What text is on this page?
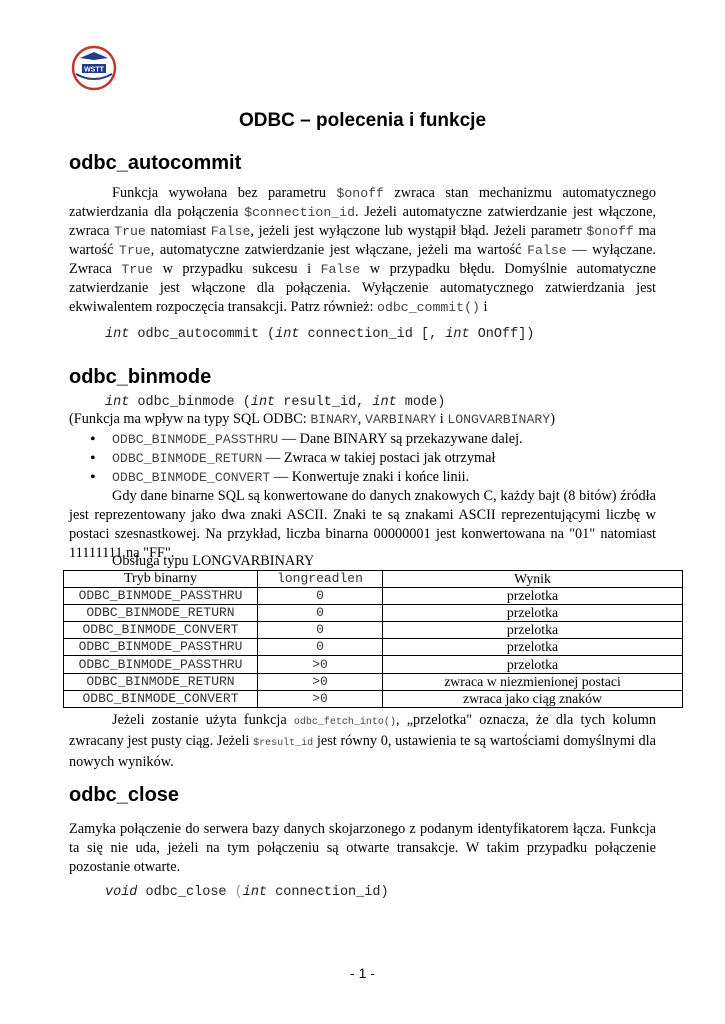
WSTT
est. 1999
ODBC – polecenia i funkcje
odbc_autocommit
Funkcja wywołana bez parametru $onoff zwraca stan mechanizmu automatycznego zatwierdzania dla połączenia $connection_id. Jeżeli automatyczne zatwierdzanie jest włączone, zwraca True natomiast False, jeżeli jest wyłączone lub wystąpił błąd. Jeżeli parametr $onoff ma wartość True, automatyczne zatwierdzanie jest włączane, jeżeli ma wartość False — wyłączane. Zwraca True w przypadku sukcesu i False w przypadku błędu. Domyślnie automatyczne zatwierdzanie jest włączone dla połączenia. Wyłączenie automatycznego zatwierdzania jest ekwiwalentem rozpoczęcia transakcji. Patrz również: odbc_commit() i
int odbc_autocommit (int connection_id [, int OnOff])
odbc_binmode
int odbc_binmode (int result_id, int mode)
(Funkcja ma wpływ na typy SQL ODBC: BINARY, VARBINARY i LONGVARBINARY)
• ODBC_BINMODE_PASSTHRU — Dane BINARY są przekazywane dalej.
• ODBC_BINMODE_RETURN — Zwraca w takiej postaci jak otrzymał
• ODBC_BINMODE_CONVERT — Konwertuje znaki i końce linii.
Gdy dane binarne SQL są konwertowane do danych znakowych C, każdy bajt (8 bitów) źródła jest reprezentowany jako dwa znaki ASCII. Znaki te są znakami ASCII reprezentującymi liczbę w postaci szesnastkowej. Na przykład, liczba binarna 00000001 jest konwertowana na "01" natomiast 11111111 na "FF".
Obsługa typu LONGVARBINARY
Tryb binarny	longreadlen	Wynik
ODBC_BINMODE_PASSTHRU	0	przelotka
ODBC_BINMODE_RETURN	0	przelotka
ODBC_BINMODE_CONVERT	0	przelotka
ODBC_BINMODE_PASSTHRU	0	przelotka
ODBC_BINMODE_PASSTHRU	>0	przelotka
ODBC_BINMODE_RETURN	>0	zwraca w niezmienionej postaci
ODBC_BINMODE_CONVERT	>0	zwraca jako ciąg znaków
Jeżeli zostanie użyta funkcja odbc_fetch_into(), „przelotka" oznacza, że dla tych kolumn zwracany jest pusty ciąg. Jeżeli $result_id jest równy 0, ustawienia te są wartościami domyślnymi dla nowych wyników.
odbc_close
Zamyka połączenie do serwera bazy danych skojarzonego z podanym identyfikatorem łącza. Funkcja ta się nie uda, jeżeli na tym połączeniu są otwarte transakcje. W takim przypadku połączenie pozostanie otwarte.
void odbc_close (int connection_id)
- 1 -
